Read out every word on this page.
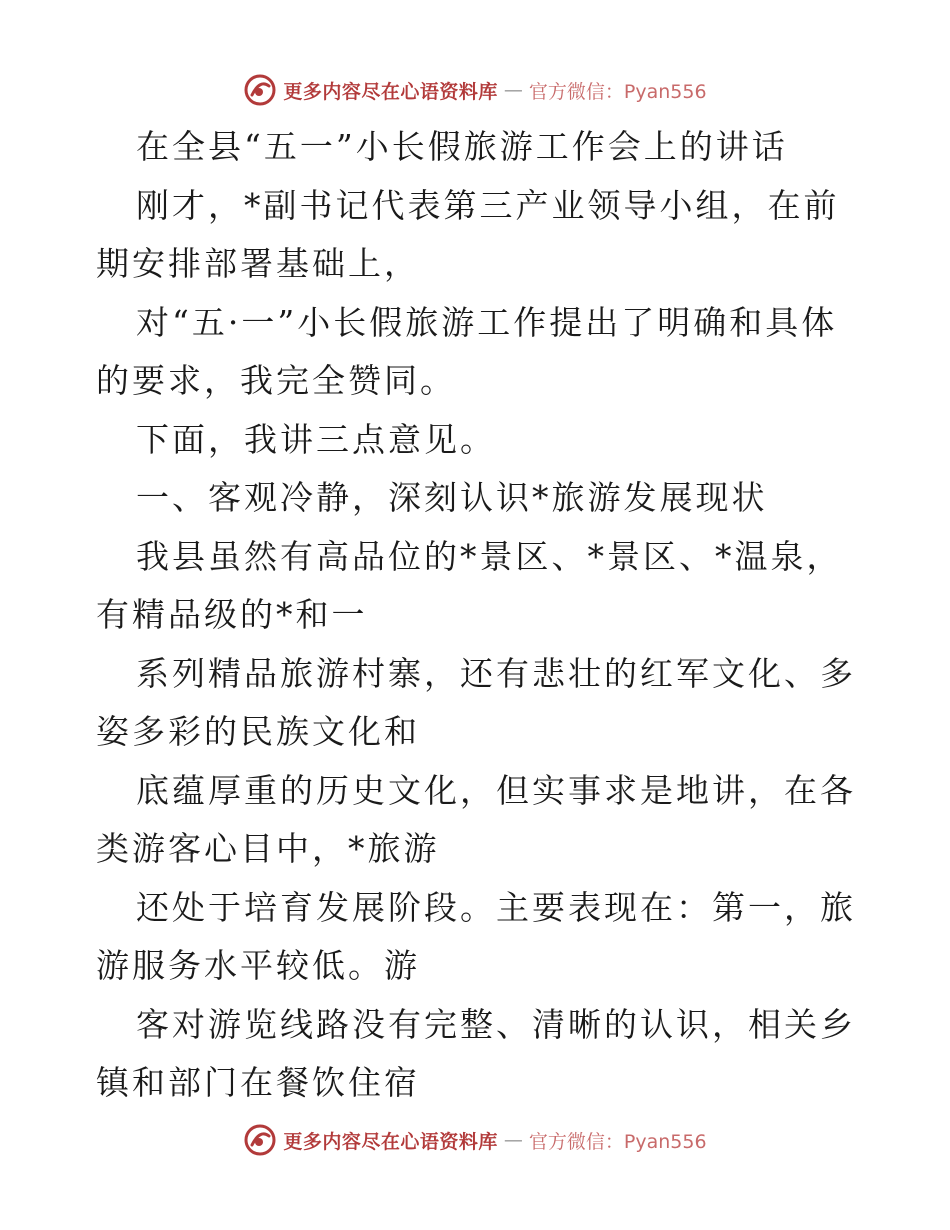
更多内容尽在心语资料库 — 官方微信：Pyan556

在全县“五一”小长假旅游工作会上的讲话

刚才，*副书记代表第三产业领导小组，在前期安排部署基础上，

对“五·一”小长假旅游工作提出了明确和具体的要求，我完全赞同。

下面，我讲三点意见。

一、客观冷静，深刻认识*旅游发展现状

我县虽然有高品位的*景区、*景区、*温泉，有精品级的*和一

系列精品旅游村寨，还有悲壮的红军文化、多姿多彩的民族文化和

底蕴厚重的历史文化，但实事求是地讲，在各类游客心目中，*旅游

还处于培育发展阶段。主要表现在：第一，旅游服务水平较低。游

客对游览线路没有完整、清晰的认识，相关乡镇和部门在餐饮住宿

更多内容尽在心语资料库 — 官方微信：Pyan556
